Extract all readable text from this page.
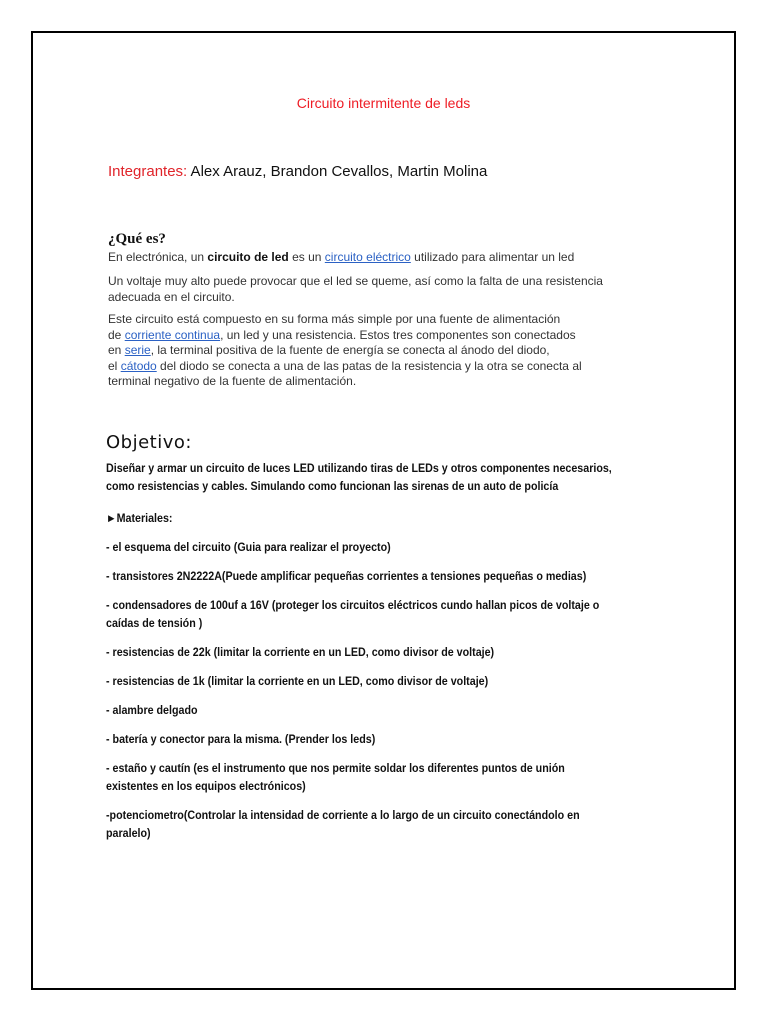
Circuito intermitente de leds
Integrantes: Alex Arauz, Brandon Cevallos, Martin Molina
¿Qué es?
En electrónica, un circuito de led es un circuito eléctrico utilizado para alimentar un led
Un voltaje muy alto puede provocar que el led se queme, así como la falta de una resistencia
adecuada en el circuito.
Este circuito está compuesto en su forma más simple por una fuente de alimentación
de corriente continua, un led y una resistencia. Estos tres componentes son conectados
en serie, la terminal positiva de la fuente de energía se conecta al ánodo del diodo,
el cátodo del diodo se conecta a una de las patas de la resistencia y la otra se conecta al
terminal negativo de la fuente de alimentación.
Objetivo:
Diseñar y armar un circuito de luces LED utilizando tiras de LEDs y otros componentes necesarios,
como resistencias y cables. Simulando como funcionan las sirenas de un auto de policía
►Materiales:
- el esquema del circuito (Guia para realizar el proyecto)
- transistores 2N2222A(Puede amplificar pequeñas corrientes a tensiones pequeñas o medias)
- condensadores de 100uf a 16V (proteger los circuitos eléctricos cundo hallan picos de voltaje o
caídas de tensión )
- resistencias de 22k (limitar la corriente en un LED, como divisor de voltaje)
- resistencias de 1k (limitar la corriente en un LED, como divisor de voltaje)
- alambre delgado
- batería y conector para la misma. (Prender los leds)
- estaño y cautín (es el instrumento que nos permite soldar los diferentes puntos de unión
existentes en los equipos electrónicos)
-potenciometro(Controlar la intensidad de corriente a lo largo de un circuito conectándolo en
paralelo)
